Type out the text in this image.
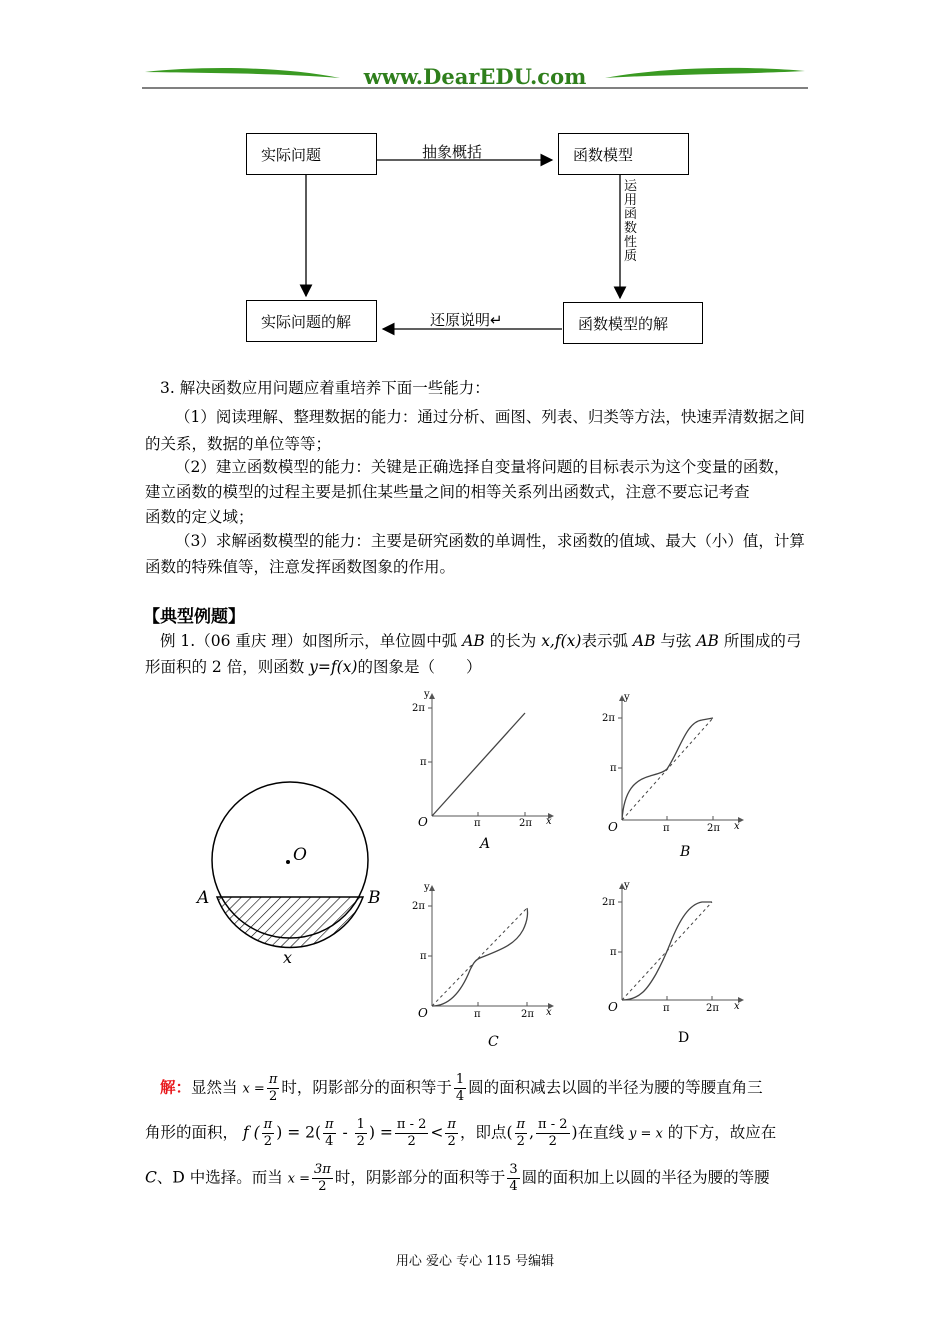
www.DearEDU.com
实际问题	函数模型
实际问题的解	函数模型的解
抽象概括
运用函数性质
还原说明↵

3. 解决函数应用问题应着重培养下面一些能力：

（1）阅读理解、整理数据的能力：通过分析、画图、列表、归类等方法，快速弄清数据之间

的关系，数据的单位等等；

（2）建立函数模型的能力：关键是正确选择自变量将问题的目标表示为这个变量的函数，

建立函数的模型的过程主要是抓住某些量之间的相等关系列出函数式，注意不要忘记考查

函数的定义域；

（3）求解函数模型的能力：主要是研究函数的单调性，求函数的值域、最大（小）值，计算

函数的特殊值等，注意发挥函数图象的作用。

【典型例题】

例 1.（06 重庆 理）如图所示，单位圆中弧 AB 的长为 x,f(x)表示弧 AB 与弦 AB 所围成的弓

形面积的 2 倍，则函数 y=f(x)的图象是（　　）

O
A	B
x
y
2π
π
O	π	2π x
A
y
2π
π
O	π	2π x
B
y
2π
π
O	π	2π x
C
y
2π
π
O	π	2π x
D

解：显然当 $x = \frac{\pi}{2}$ 时，阴影部分的面积等于 $\frac{1}{4}$ 圆的面积减去以圆的半径为腰的等腰直角三

角形的面积， f ( $\frac{\pi}{2}$ ) = $2( \frac{\pi}{4} - \frac{1}{2}$ ) = $\frac{\pi - 2}{2} < \frac{\pi}{2}$ ，即点( $\frac{\pi}{2}$ , $\frac{\pi - 2}{2}$ )在直线 y = x 的下方，故应在

C、D 中选择。而当 $x = \frac{3\pi}{2}$ 时，阴影部分的面积等于 $\frac{3}{4}$ 圆的面积加上以圆的半径为腰的等腰

用心 爱心 专心 115 号编辑
